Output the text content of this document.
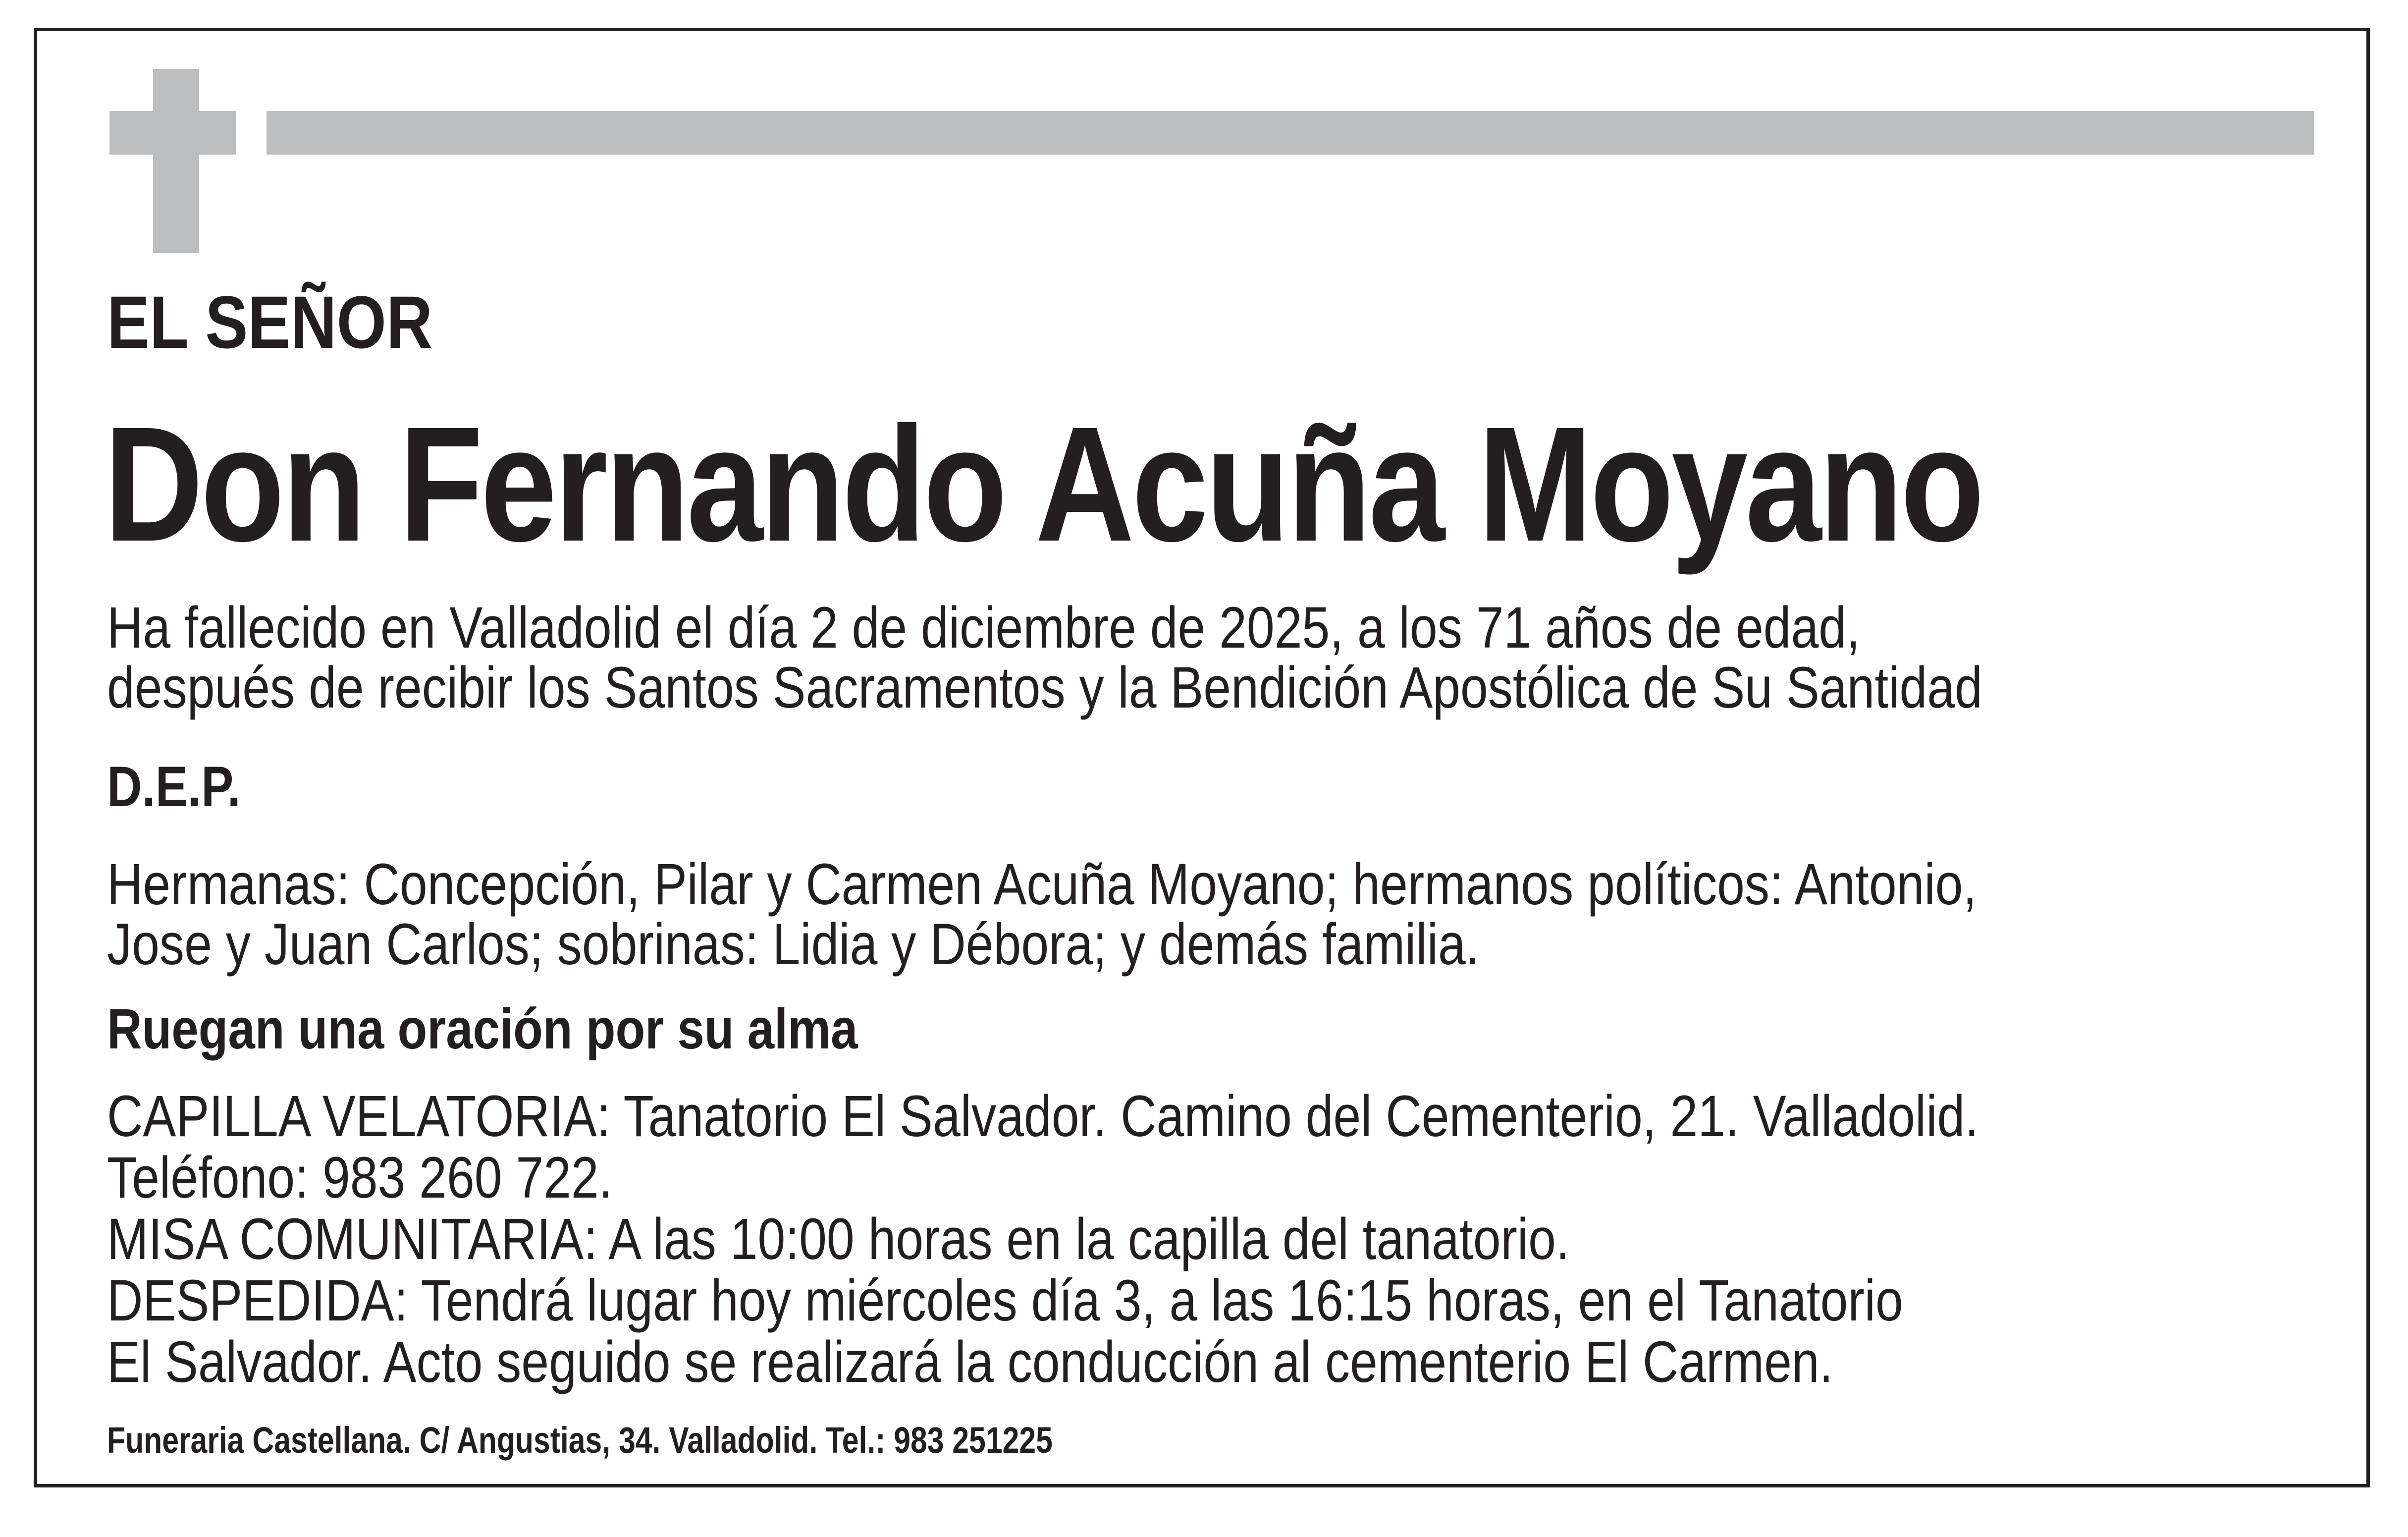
EL SEÑOR
Don Fernando Acuña Moyano
Ha fallecido en Valladolid el día 2 de diciembre de 2025, a los 71 años de edad,
después de recibir los Santos Sacramentos y la Bendición Apostólica de Su Santidad
D.E.P.
Hermanas: Concepción, Pilar y Carmen Acuña Moyano; hermanos políticos: Antonio,
Jose y Juan Carlos; sobrinas: Lidia y Débora; y demás familia.
Ruegan una oración por su alma
CAPILLA VELATORIA: Tanatorio El Salvador. Camino del Cementerio, 21. Valladolid.
Teléfono: 983 260 722.
MISA COMUNITARIA: A las 10:00 horas en la capilla del tanatorio.
DESPEDIDA: Tendrá lugar hoy miércoles día 3, a las 16:15 horas, en el Tanatorio
El Salvador. Acto seguido se realizará la conducción al cementerio El Carmen.
Funeraria Castellana. C/ Angustias, 34. Valladolid. Tel.: 983 251225
